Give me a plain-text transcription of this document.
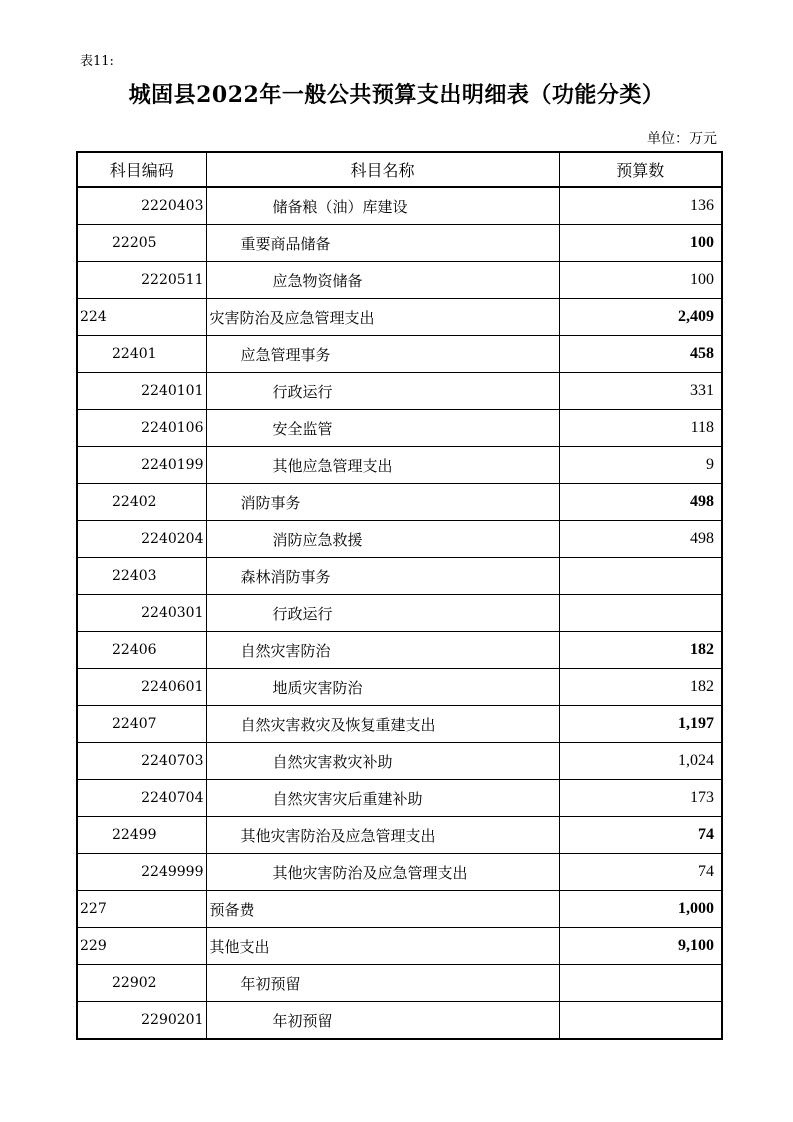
表11:
城固县2022年一般公共预算支出明细表（功能分类）
单位：万元
科目编码	科目名称	预算数
2220403	储备粮（油）库建设	136
22205	重要商品储备	100
2220511	应急物资储备	100
224	灾害防治及应急管理支出	2,409
22401	应急管理事务	458
2240101	行政运行	331
2240106	安全监管	118
2240199	其他应急管理支出	9
22402	消防事务	498
2240204	消防应急救援	498
22403	森林消防事务	
2240301	行政运行	
22406	自然灾害防治	182
2240601	地质灾害防治	182
22407	自然灾害救灾及恢复重建支出	1,197
2240703	自然灾害救灾补助	1,024
2240704	自然灾害灾后重建补助	173
22499	其他灾害防治及应急管理支出	74
2249999	其他灾害防治及应急管理支出	74
227	预备费	1,000
229	其他支出	9,100
22902	年初预留	
2290201	年初预留	
